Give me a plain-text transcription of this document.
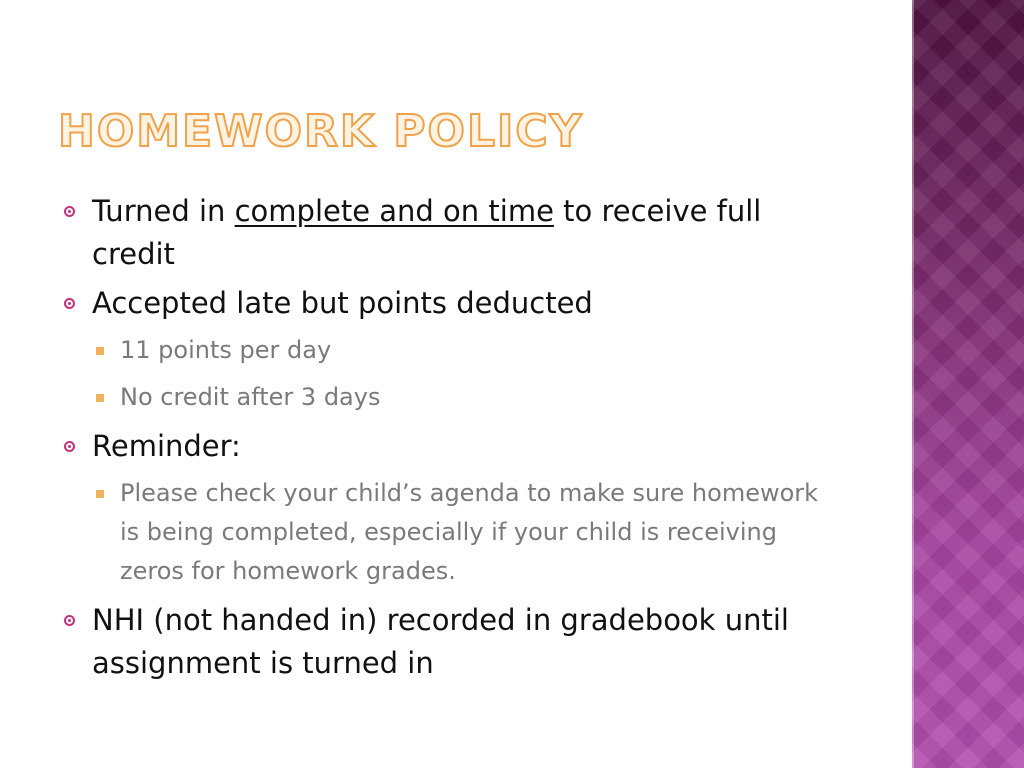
HOMEWORK POLICY
Turned in complete and on time to receive full credit
Accepted late but points deducted
11 points per day
No credit after 3 days
Reminder:
Please check your child’s agenda to make sure homework is being completed, especially if your child is receiving zeros for homework grades.
NHI (not handed in) recorded in gradebook until assignment is turned in
